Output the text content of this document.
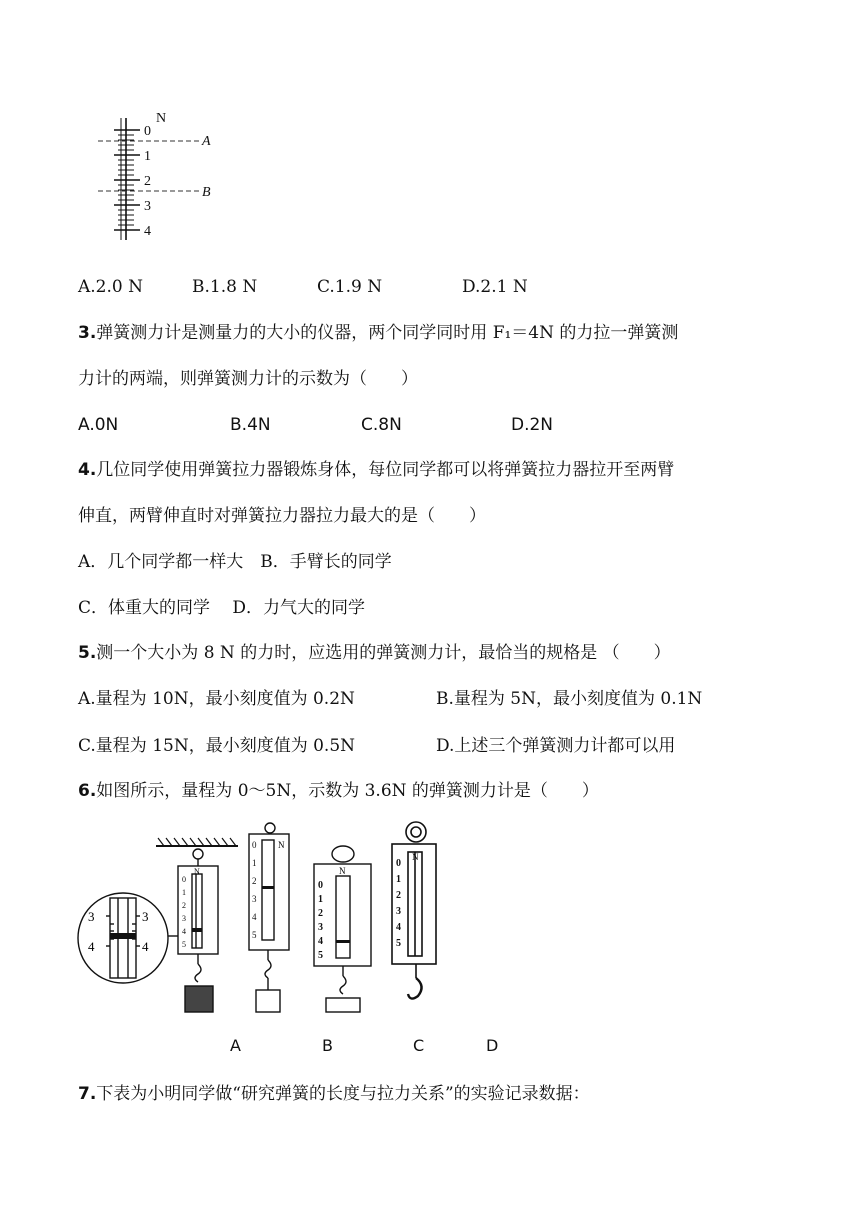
N
0
1
2
3
4
A
B
A.2.0 N	B.1.8 N	C.1.9 N	D.2.1 N
3.弹簧测力计是测量力的大小的仪器，两个同学同时用 F₁＝4N 的力拉一弹簧测
力计的两端，则弹簧测力计的示数为（　　）
A.0N	B.4N	C.8N	D.2N
4.几位同学使用弹簧拉力器锻炼身体，每位同学都可以将弹簧拉力器拉开至两臂
伸直，两臂伸直时对弹簧拉力器拉力最大的是（　　）
A．几个同学都一样大　B．手臂长的同学
C．体重大的同学　 D．力气大的同学
5.测一个大小为 8 N 的力时，应选用的弹簧测力计，最恰当的规格是 （　　）
A.量程为 10N，最小刻度值为 0.2N	B.量程为 5N，最小刻度值为 0.1N
C.量程为 15N，最小刻度值为 0.5N	D.上述三个弹簧测力计都可以用
6.如图所示，量程为 0～5N，示数为 3.6N 的弹簧测力计是（　　）
3	3
4	4
N
0
1
2
3
4
5
N
0
1
2
3
4
5
N
0
1
2
3
4
5
N
0
1
2
3
4
5
A	B	C	D
7.下表为小明同学做“研究弹簧的长度与拉力关系”的实验记录数据：
